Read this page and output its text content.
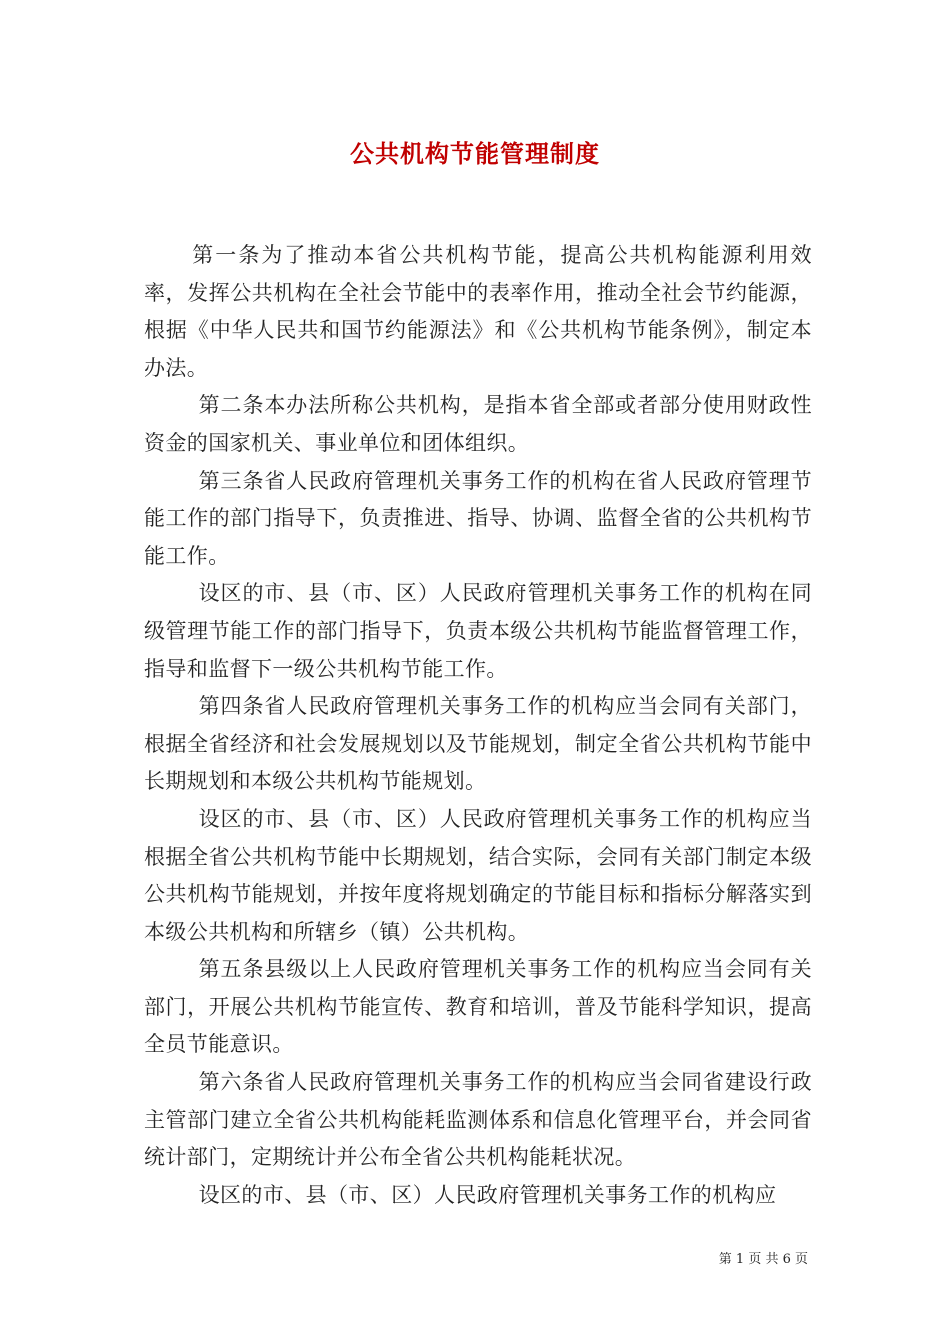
公共机构节能管理制度

第一条为了推动本省公共机构节能，提高公共机构能源利用效率，发挥公共机构在全社会节能中的表率作用，推动全社会节约能源，根据《中华人民共和国节约能源法》和《公共机构节能条例》，制定本办法。

第二条本办法所称公共机构，是指本省全部或者部分使用财政性资金的国家机关、事业单位和团体组织。

第三条省人民政府管理机关事务工作的机构在省人民政府管理节能工作的部门指导下，负责推进、指导、协调、监督全省的公共机构节能工作。

设区的市、县（市、区）人民政府管理机关事务工作的机构在同级管理节能工作的部门指导下，负责本级公共机构节能监督管理工作，指导和监督下一级公共机构节能工作。

第四条省人民政府管理机关事务工作的机构应当会同有关部门，根据全省经济和社会发展规划以及节能规划，制定全省公共机构节能中长期规划和本级公共机构节能规划。

设区的市、县（市、区）人民政府管理机关事务工作的机构应当根据全省公共机构节能中长期规划，结合实际，会同有关部门制定本级公共机构节能规划，并按年度将规划确定的节能目标和指标分解落实到本级公共机构和所辖乡（镇）公共机构。

第五条县级以上人民政府管理机关事务工作的机构应当会同有关部门，开展公共机构节能宣传、教育和培训，普及节能科学知识，提高全员节能意识。

第六条省人民政府管理机关事务工作的机构应当会同省建设行政主管部门建立全省公共机构能耗监测体系和信息化管理平台，并会同省统计部门，定期统计并公布全省公共机构能耗状况。

设区的市、县（市、区）人民政府管理机关事务工作的机构应

第 1 页 共 6 页
